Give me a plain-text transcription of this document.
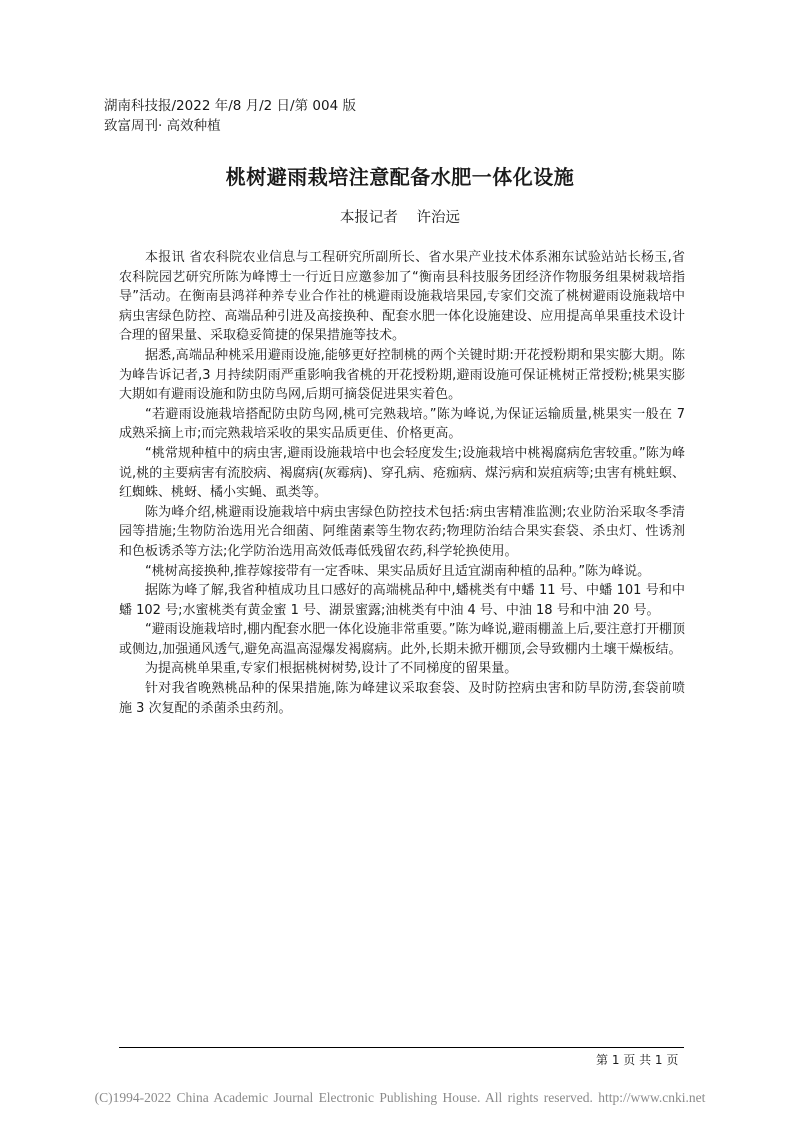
湖南科技报/2022 年/8 月/2 日/第 004 版
致富周刊· 高效种植
桃树避雨栽培注意配备水肥一体化设施
本报记者 许治远

本报讯 省农科院农业信息与工程研究所副所长、省水果产业技术体系湘东试验站站长杨玉,省农科院园艺研究所陈为峰博士一行近日应邀参加了“衡南县科技服务团经济作物服务组果树栽培指导”活动。在衡南县鸿祥种养专业合作社的桃避雨设施栽培果园,专家们交流了桃树避雨设施栽培中病虫害绿色防控、高端品种引进及高接换种、配套水肥一体化设施建设、应用提高单果重技术设计合理的留果量、采取稳妥简捷的保果措施等技术。

据悉,高端品种桃采用避雨设施,能够更好控制桃的两个关键时期:开花授粉期和果实膨大期。陈为峰告诉记者,3 月持续阴雨严重影响我省桃的开花授粉期,避雨设施可保证桃树正常授粉;桃果实膨大期如有避雨设施和防虫防鸟网,后期可摘袋促进果实着色。

“若避雨设施栽培搭配防虫防鸟网,桃可完熟栽培。”陈为峰说,为保证运输质量,桃果实一般在 7 成熟采摘上市;而完熟栽培采收的果实品质更佳、价格更高。

“桃常规种植中的病虫害,避雨设施栽培中也会轻度发生;设施栽培中桃褐腐病危害较重。”陈为峰说,桃的主要病害有流胶病、褐腐病(灰霉病)、穿孔病、疮痂病、煤污病和炭疽病等;虫害有桃蛀螟、红蜘蛛、桃蚜、橘小实蝇、虱类等。

陈为峰介绍,桃避雨设施栽培中病虫害绿色防控技术包括:病虫害精准监测;农业防治采取冬季清园等措施;生物防治选用光合细菌、阿维菌素等生物农药;物理防治结合果实套袋、杀虫灯、性诱剂和色板诱杀等方法;化学防治选用高效低毒低残留农药,科学轮换使用。

“桃树高接换种,推荐嫁接带有一定香味、果实品质好且适宜湖南种植的品种。”陈为峰说。

据陈为峰了解,我省种植成功且口感好的高端桃品种中,蟠桃类有中蟠 11 号、中蟠 101 号和中蟠 102 号;水蜜桃类有黄金蜜 1 号、湖景蜜露;油桃类有中油 4 号、中油 18 号和中油 20 号。

“避雨设施栽培时,棚内配套水肥一体化设施非常重要。”陈为峰说,避雨棚盖上后,要注意打开棚顶或侧边,加强通风透气,避免高温高湿爆发褐腐病。此外,长期未掀开棚顶,会导致棚内土壤干燥板结。

为提高桃单果重,专家们根据桃树树势,设计了不同梯度的留果量。

针对我省晚熟桃品种的保果措施,陈为峰建议采取套袋、及时防控病虫害和防旱防涝,套袋前喷施 3 次复配的杀菌杀虫药剂。

第 1 页 共 1 页
(C)1994-2022 China Academic Journal Electronic Publishing House. All rights reserved. http://www.cnki.net
